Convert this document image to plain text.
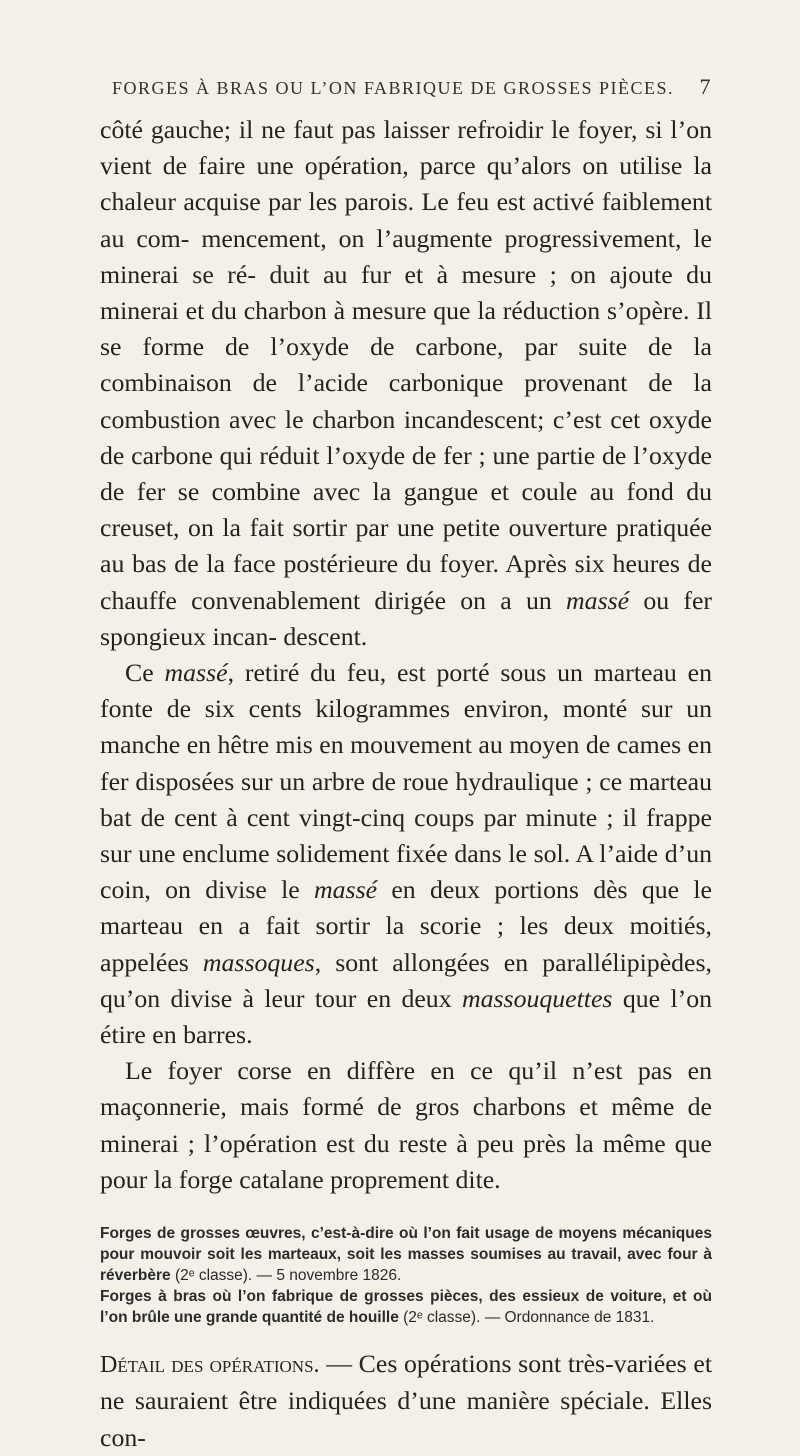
FORGES À BRAS OU L’ON FABRIQUE DE GROSSES PIÈCES.	7

côté gauche; il ne faut pas laisser refroidir le foyer, si l’on vient de faire une opération, parce qu’alors on utilise la chaleur acquise par les parois. Le feu est activé faiblement au com- mencement, on l’augmente progressivement, le minerai se ré- duit au fur et à mesure ; on ajoute du minerai et du charbon à mesure que la réduction s’opère. Il se forme de l’oxyde de carbone, par suite de la combinaison de l’acide carbonique provenant de la combustion avec le charbon incandescent; c’est cet oxyde de carbone qui réduit l’oxyde de fer ; une partie de l’oxyde de fer se combine avec la gangue et coule au fond du creuset, on la fait sortir par une petite ouverture pratiquée au bas de la face postérieure du foyer. Après six heures de chauffe convenablement dirigée on a un massé ou fer spongieux incan- descent.

Ce massé, retiré du feu, est porté sous un marteau en fonte de six cents kilogrammes environ, monté sur un manche en hêtre mis en mouvement au moyen de cames en fer disposées sur un arbre de roue hydraulique ; ce marteau bat de cent à cent vingt-cinq coups par minute ; il frappe sur une enclume solidement fixée dans le sol. A l’aide d’un coin, on divise le massé en deux portions dès que le marteau en a fait sortir la scorie ; les deux moitiés, appelées massoques, sont allongées en parallélipipèdes, qu’on divise à leur tour en deux massouquettes que l’on étire en barres.

Le foyer corse en diffère en ce qu’il n’est pas en maçonnerie, mais formé de gros charbons et même de minerai ; l’opération est du reste à peu près la même que pour la forge catalane proprement dite.

Forges de grosses œuvres, c’est-à-dire où l’on fait usage de moyens mécaniques pour mouvoir soit les marteaux, soit les masses soumises au travail, avec four à réverbère (2ᵉ classe). — 5 novembre 1826.

Forges à bras où l’on fabrique de grosses pièces, des essieux de voiture, et où l’on brûle une grande quantité de houille (2ᵉ classe). — Ordonnance de 1831.

Détail des opérations. — Ces opérations sont très-variées et ne sauraient être indiquées d’une manière spéciale. Elles con-
